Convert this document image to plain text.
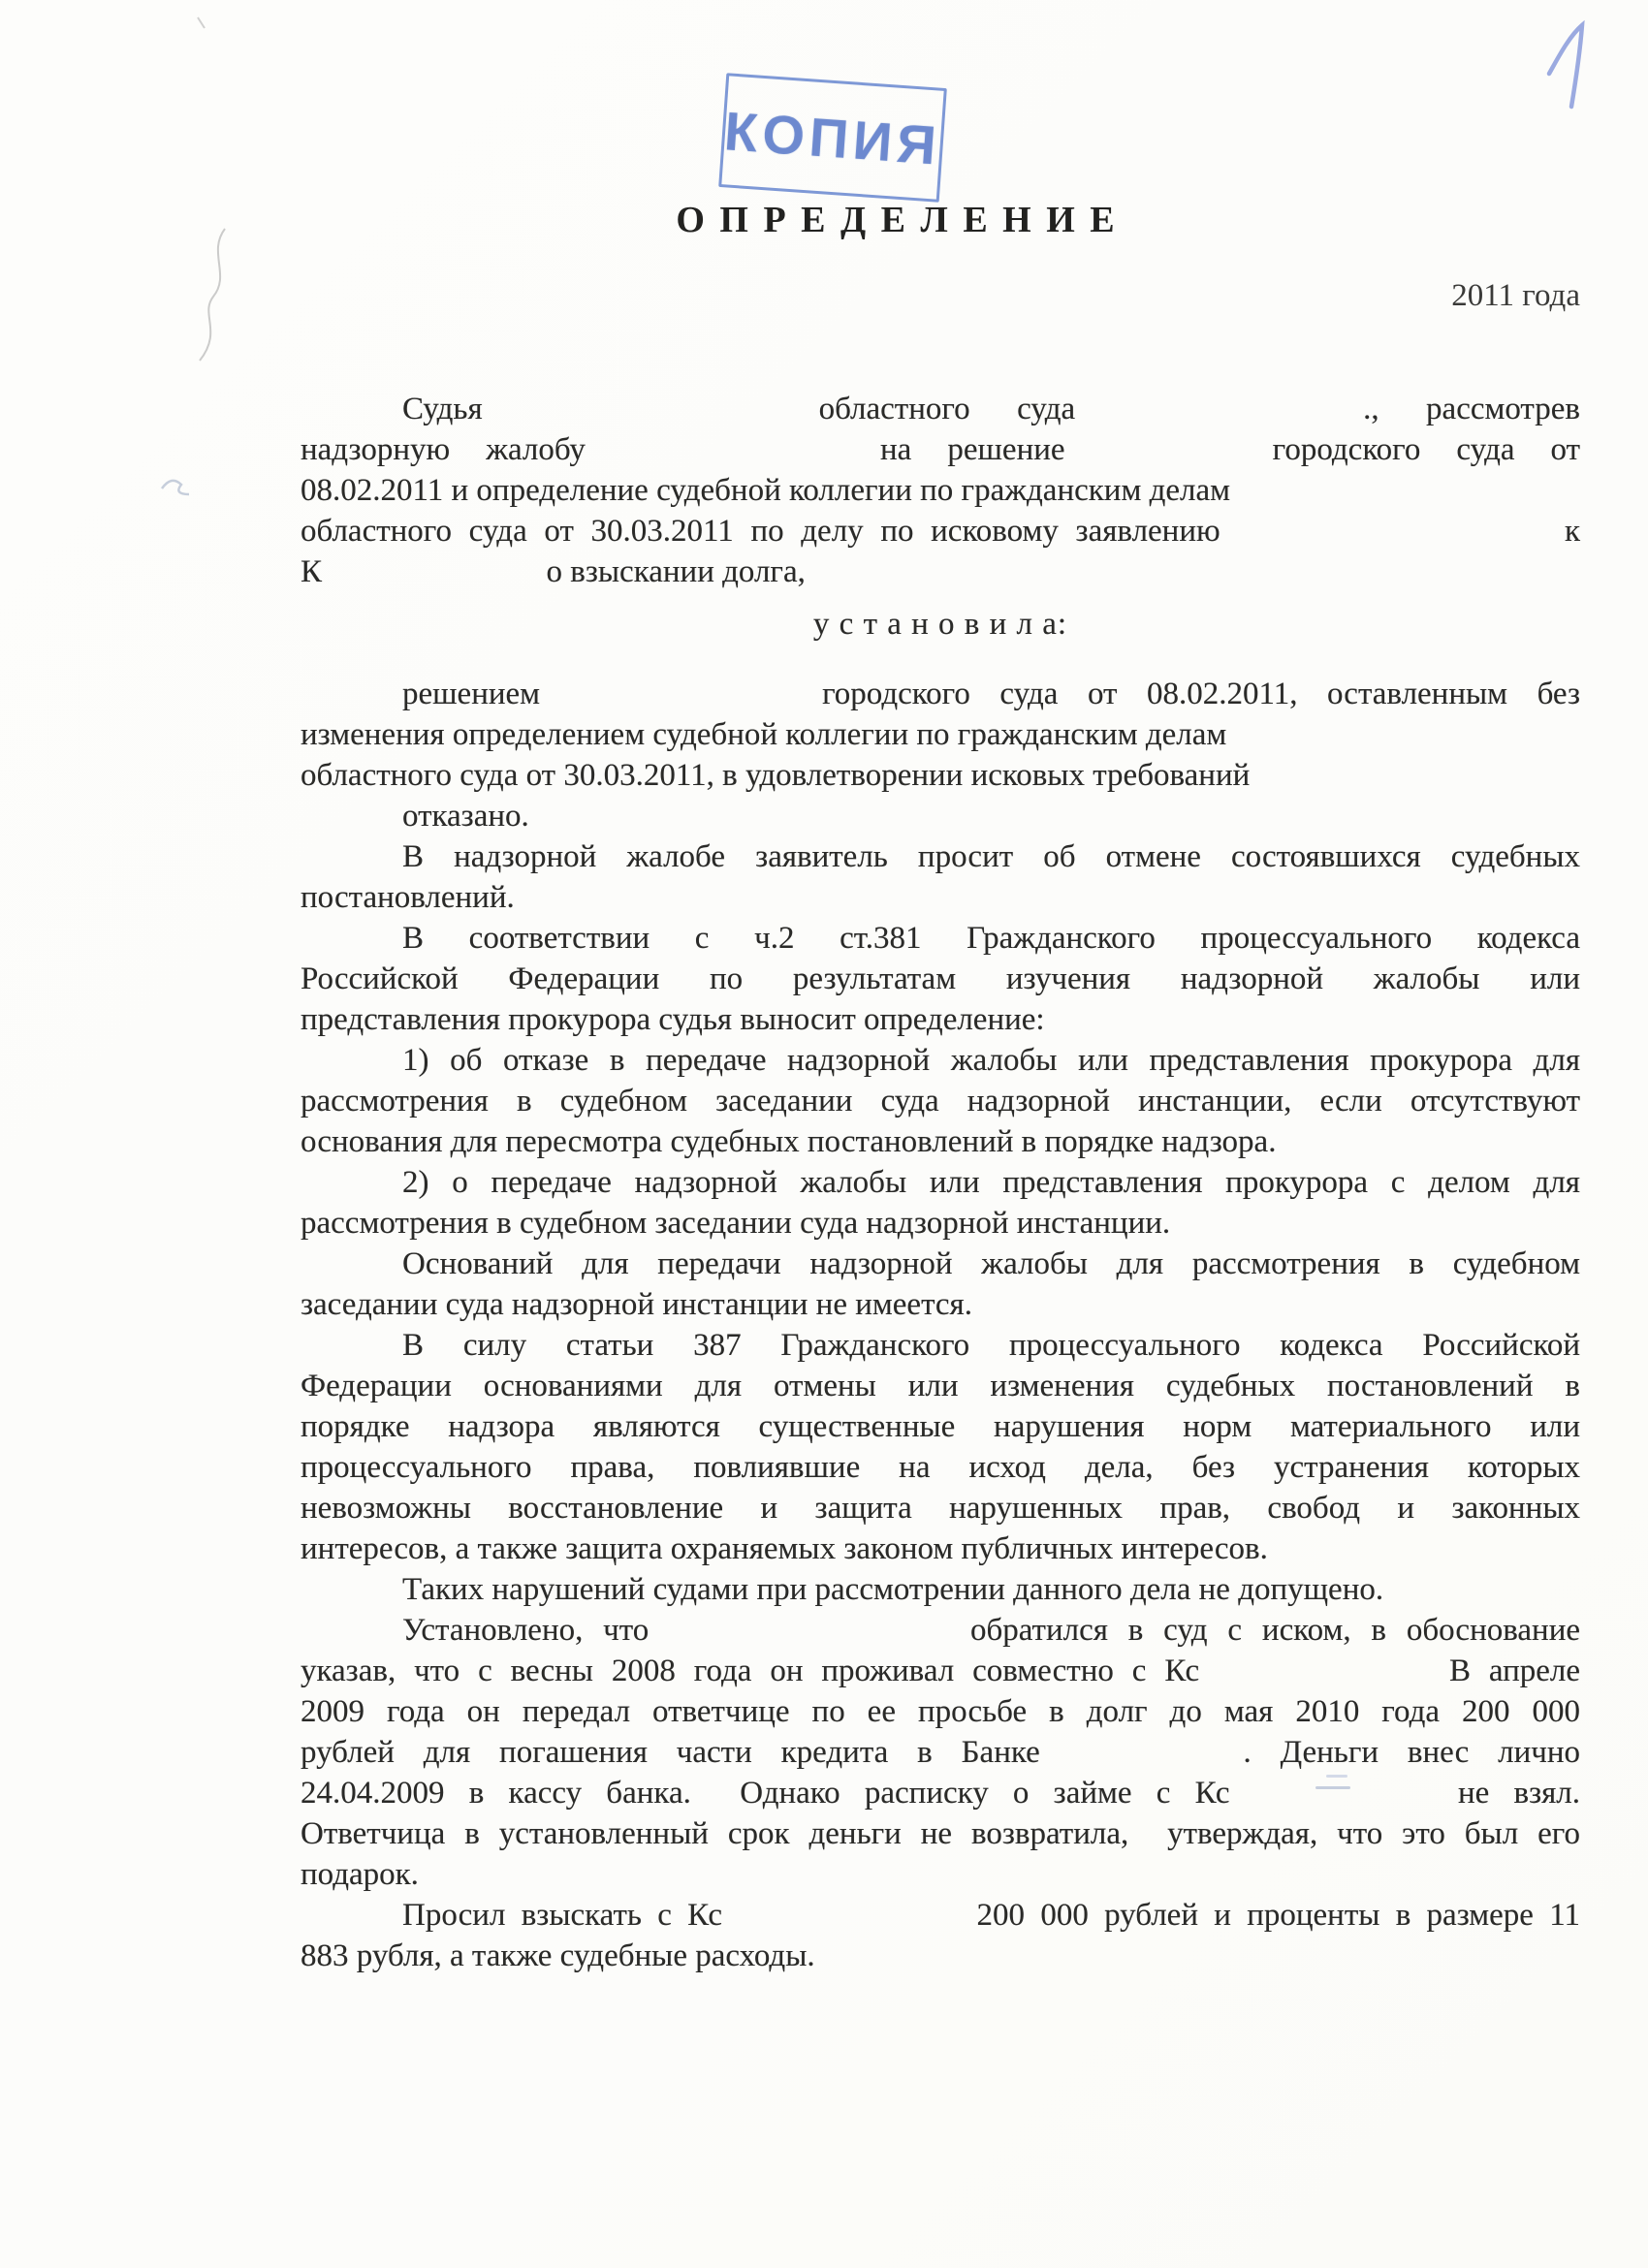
КОПИЯ
О П Р Е Д Е Л Е Н И Е
2011 года
Судья	областного суда	., рассмотрев
надзорную жалобу	на решение	городского суда от
08.02.2011 и определение судебной коллегии по гражданским делам
областного суда от 30.03.2011 по делу по исковому заявлению	к
К	о взыскании долга,
у с т а н о в и л а:
решением	городского суда от 08.02.2011, оставленным без
изменения определением судебной коллегии по гражданским делам
областного суда от 30.03.2011, в удовлетворении исковых требований
отказано.
В надзорной жалобе заявитель просит об отмене состоявшихся судебных
постановлений.
В соответствии с ч.2 ст.381 Гражданского процессуального кодекса
Российской Федерации по результатам изучения надзорной жалобы или
представления прокурора судья выносит определение:
1) об отказе в передаче надзорной жалобы или представления прокурора для
рассмотрения в судебном заседании суда надзорной инстанции, если отсутствуют
основания для пересмотра судебных постановлений в порядке надзора.
2) о передаче надзорной жалобы или представления прокурора с делом для
рассмотрения в судебном заседании суда надзорной инстанции.
Оснований для передачи надзорной жалобы для рассмотрения в судебном
заседании суда надзорной инстанции не имеется.
В силу статьи 387 Гражданского процессуального кодекса Российской
Федерации основаниями для отмены или изменения судебных постановлений в
порядке надзора являются существенные нарушения норм материального или
процессуального права, повлиявшие на исход дела, без устранения которых
невозможны восстановление и защита нарушенных прав, свобод и законных
интересов, а также защита охраняемых законом публичных интересов.
Таких нарушений судами при рассмотрении данного дела не допущено.
Установлено, что	обратился в суд с иском, в обоснование
указав, что с весны 2008 года он проживал совместно с Кс	В апреле
2009 года он передал ответчице по ее просьбе в долг до мая 2010 года 200 000
рублей для погашения части кредита в Банке	. Деньги внес лично
24.04.2009 в кассу банка.  Однако расписку о займе с Кс	не взял.
Ответчица в установленный срок деньги не возвратила,  утверждая, что это был его
подарок.
Просил взыскать с Кс	200 000 рублей и проценты в размере 11
883 рубля, а также судебные расходы.
